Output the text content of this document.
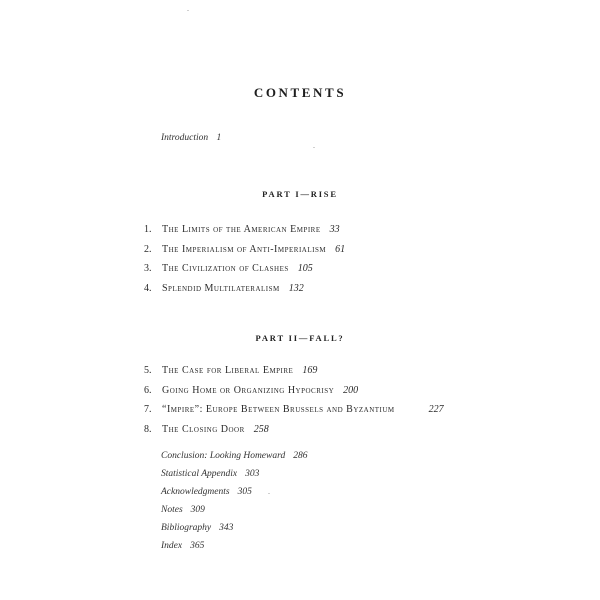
CONTENTS
Introduction 1
PART I—RISE
1. The Limits of the American Empire 33
2. The Imperialism of Anti-Imperialism 61
3. The Civilization of Clashes 105
4. Splendid Multilateralism 132
PART II—FALL?
5. The Case for Liberal Empire 169
6. Going Home or Organizing Hypocrisy 200
7. “Impire”: Europe Between Brussels and Byzantium	227
8. The Closing Door 258
Conclusion: Looking Homeward 286
Statistical Appendix 303
Acknowledgments 305
Notes 309
Bibliography 343
Index 365
